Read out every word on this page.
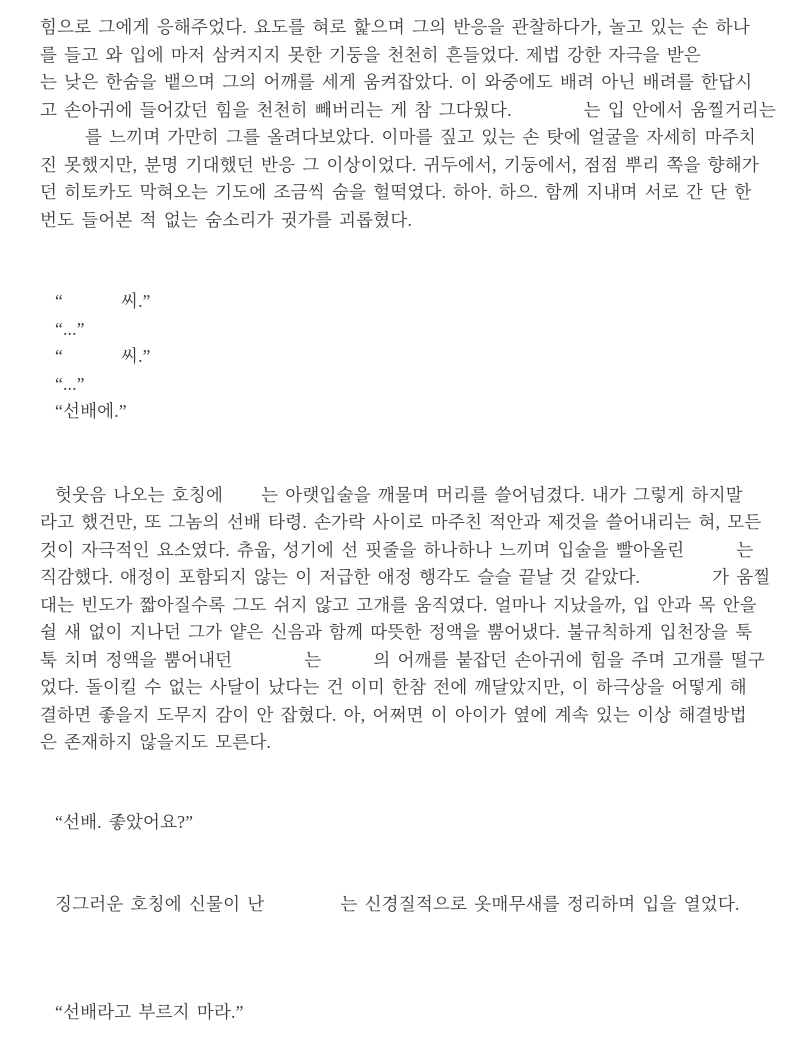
힘으로 그에게 응해주었다. 요도를 혀로 핥으며 그의 반응을 관찰하다가, 놀고 있는 손 하나
를 들고 와 입에 마저 삼켜지지 못한 기둥을 천천히 흔들었다. 제법 강한 자극을 받은
는 낮은 한숨을 뱉으며 그의 어깨를 세게 움켜잡았다. 이 와중에도 배려 아닌 배려를 한답시
고 손아귀에 들어갔던 힘을 천천히 빼버리는 게 참 그다웠다.	는 입 안에서 움찔거리는
를 느끼며 가만히 그를 올려다보았다. 이마를 짚고 있는 손 탓에 얼굴을 자세히 마주치
진 못했지만, 분명 기대했던 반응 그 이상이었다. 귀두에서, 기둥에서, 점점 뿌리 쪽을 향해가
던 히토카도 막혀오는 기도에 조금씩 숨을 헐떡였다. 하아. 하으. 함께 지내며 서로 간 단 한
번도 들어본 적 없는 숨소리가 귓가를 괴롭혔다.
“	씨.”
“...”
“	씨.”
“...”
“선배에.”
헛웃음 나오는 호칭에 는 아랫입술을 깨물며 머리를 쓸어넘겼다. 내가 그렇게 하지말
라고 했건만, 또 그놈의 선배 타령. 손가락 사이로 마주친 적안과 제것을 쓸어내리는 혀, 모든
것이 자극적인 요소였다. 츄웁, 성기에 선 핏줄을 하나하나 느끼며 입술을 빨아올린	는
직감했다. 애정이 포함되지 않는 이 저급한 애정 행각도 슬슬 끝날 것 같았다.	가 움찔
대는 빈도가 짧아질수록 그도 쉬지 않고 고개를 움직였다. 얼마나 지났을까, 입 안과 목 안을
쉴 새 없이 지나던 그가 얕은 신음과 함께 따뜻한 정액을 뿜어냈다. 불규칙하게 입천장을 툭
툭 치며 정액을 뿜어내던	는	의 어깨를 붙잡던 손아귀에 힘을 주며 고개를 떨구
었다. 돌이킬 수 없는 사달이 났다는 건 이미 한참 전에 깨달았지만, 이 하극상을 어떻게 해
결하면 좋을지 도무지 감이 안 잡혔다. 아, 어쩌면 이 아이가 옆에 계속 있는 이상 해결방법
은 존재하지 않을지도 모른다.
“선배. 좋았어요?”
징그러운 호칭에 신물이 난	는 신경질적으로 옷매무새를 정리하며 입을 열었다.
“선배라고 부르지 마라.”
